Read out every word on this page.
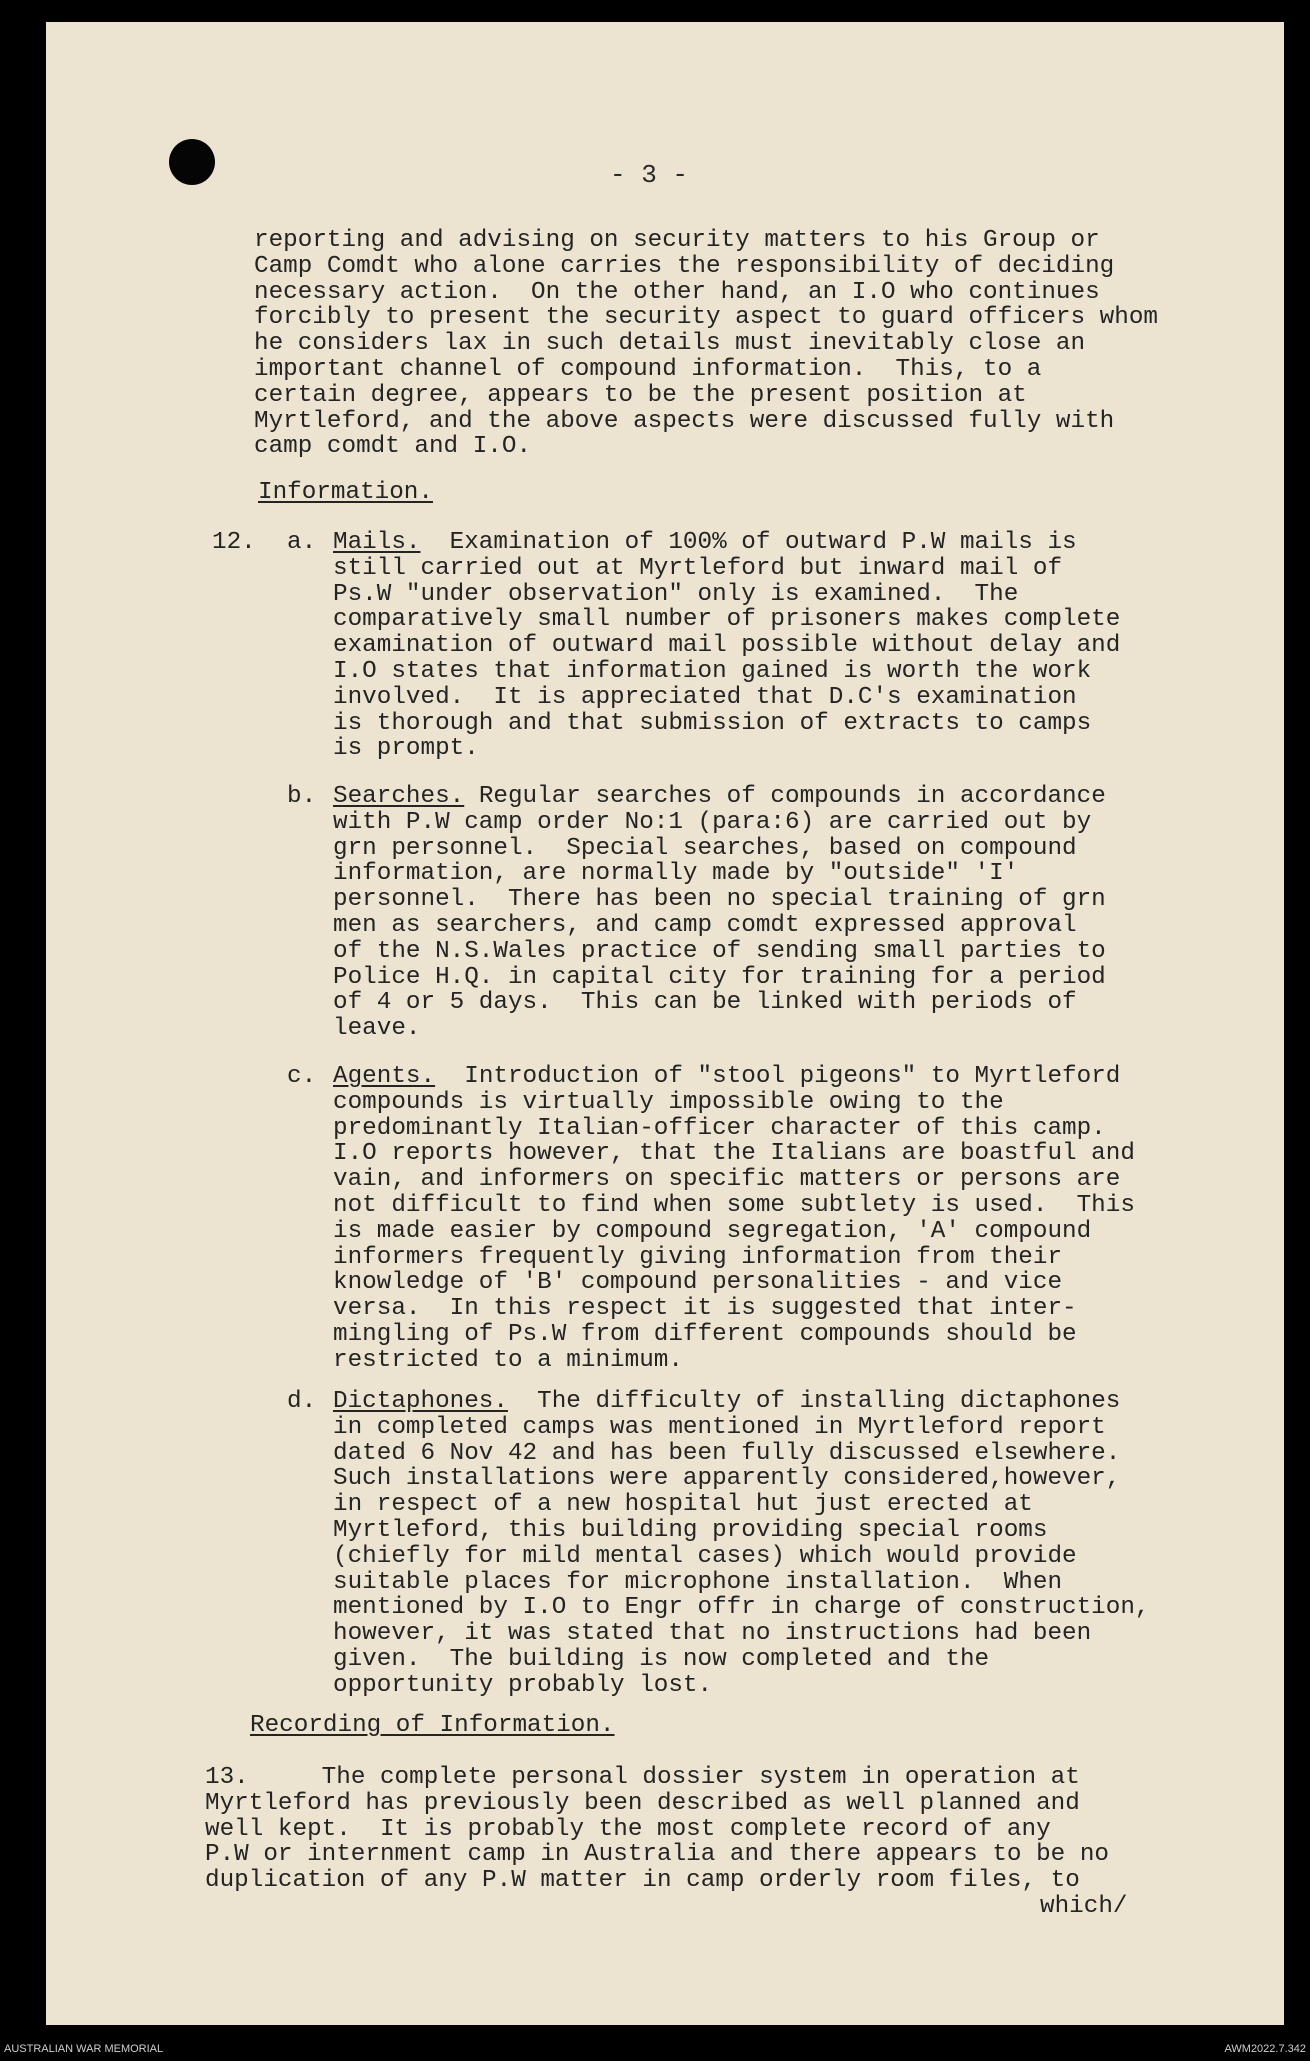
- 3 -
reporting and advising on security matters to his Group or
Camp Comdt who alone carries the responsibility of deciding
necessary action.  On the other hand, an I.O who continues
forcibly to present the security aspect to guard officers whom
he considers lax in such details must inevitably close an
important channel of compound information.  This, to a
certain degree, appears to be the present position at
Myrtleford, and the above aspects were discussed fully with
camp comdt and I.O.
Information.
12. a. Mails.  Examination of 100% of outward P.W mails is
still carried out at Myrtleford but inward mail of
Ps.W "under observation" only is examined.  The
comparatively small number of prisoners makes complete
examination of outward mail possible without delay and
I.O states that information gained is worth the work
involved.  It is appreciated that D.C's examination
is thorough and that submission of extracts to camps
is prompt.
b. Searches. Regular searches of compounds in accordance
with P.W camp order No:1 (para:6) are carried out by
grn personnel.  Special searches, based on compound
information, are normally made by "outside" 'I'
personnel.  There has been no special training of grn
men as searchers, and camp comdt expressed approval
of the N.S.Wales practice of sending small parties to
Police H.Q. in capital city for training for a period
of 4 or 5 days.  This can be linked with periods of
leave.
c. Agents.  Introduction of "stool pigeons" to Myrtleford
compounds is virtually impossible owing to the
predominantly Italian-officer character of this camp.
I.O reports however, that the Italians are boastful and
vain, and informers on specific matters or persons are
not difficult to find when some subtlety is used.  This
is made easier by compound segregation, 'A' compound
informers frequently giving information from their
knowledge of 'B' compound personalities - and vice
versa.  In this respect it is suggested that inter-
mingling of Ps.W from different compounds should be
restricted to a minimum.
d. Dictaphones.  The difficulty of installing dictaphones
in completed camps was mentioned in Myrtleford report
dated 6 Nov 42 and has been fully discussed elsewhere.
Such installations were apparently considered,however,
in respect of a new hospital hut just erected at
Myrtleford, this building providing special rooms
(chiefly for mild mental cases) which would provide
suitable places for microphone installation.  When
mentioned by I.O to Engr offr in charge of construction,
however, it was stated that no instructions had been
given.  The building is now completed and the
opportunity probably lost.
Recording of Information.
13.     The complete personal dossier system in operation at
Myrtleford has previously been described as well planned and
well kept.  It is probably the most complete record of any
P.W or internment camp in Australia and there appears to be no
duplication of any P.W matter in camp orderly room files, to
which/
AUSTRALIAN WAR MEMORIAL	AWM2022.7.342
